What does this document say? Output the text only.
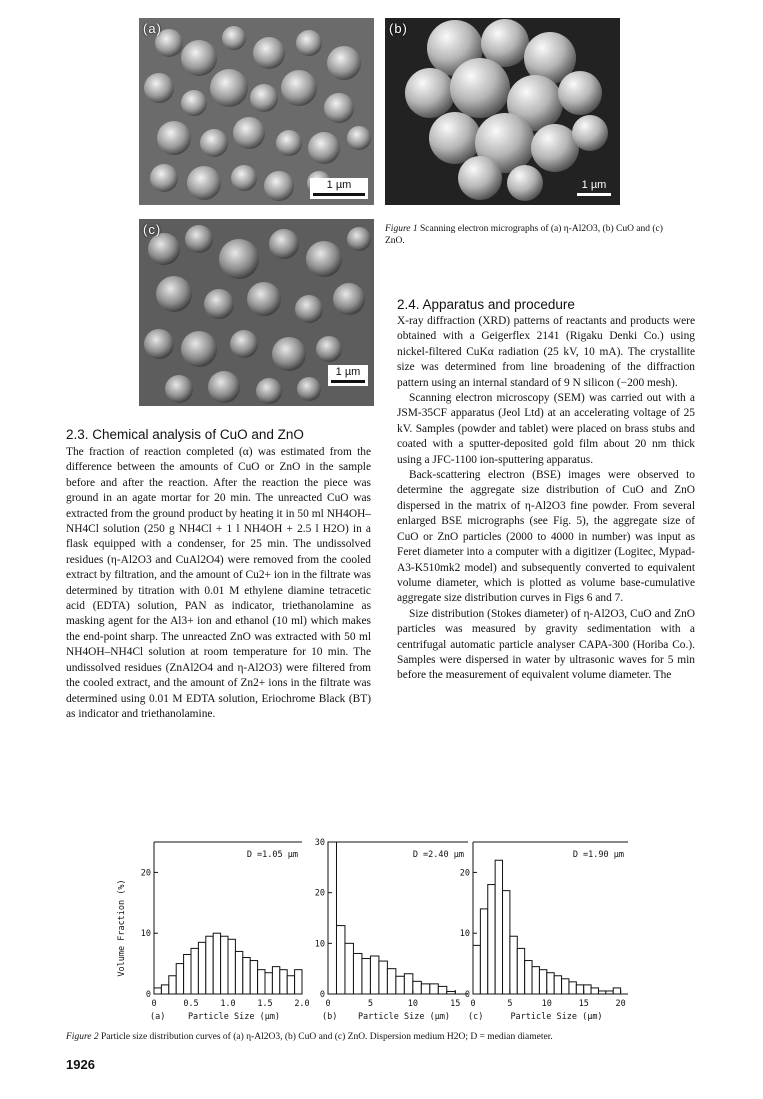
(a)
1 µm
(b)
1 µm
(c)
1 µm
Figure 1 Scanning electron micrographs of (a) η-Al2O3, (b) CuO and (c) ZnO.
2.3. Chemical analysis of CuO and ZnO

The fraction of reaction completed (α) was estimated from the difference between the amounts of CuO or ZnO in the sample before and after the reaction. After the reaction the piece was ground in an agate mortar for 20 min. The unreacted CuO was extracted from the ground product by heating it in 50 ml NH4OH–NH4Cl solution (250 g NH4Cl + 1 l NH4OH + 2.5 l H2O) in a flask equipped with a condenser, for 25 min. The undissolved residues (η-Al2O3 and CuAl2O4) were removed from the cooled extract by filtration, and the amount of Cu2+ ion in the filtrate was determined by titration with 0.01 M ethylene diamine tetracetic acid (EDTA) solution, PAN as indicator, triethanolamine as masking agent for the Al3+ ion and ethanol (10 ml) which makes the end-point sharp. The unreacted ZnO was extracted with 50 ml NH4OH–NH4Cl solution at room temperature for 10 min. The undissolved residues (ZnAl2O4 and η-Al2O3) were filtered from the cooled extract, and the amount of Zn2+ ions in the filtrate was determined using 0.01 M EDTA solution, Eriochrome Black (BT) as indicator and triethanolamine.

2.4. Apparatus and procedure

X-ray diffraction (XRD) patterns of reactants and products were obtained with a Geigerflex 2141 (Rigaku Denki Co.) using nickel-filtered CuKα radiation (25 kV, 10 mA). The crystallite size was determined from line broadening of the diffraction pattern using an internal standard of 9 N silicon (−200 mesh).

Scanning electron microscopy (SEM) was carried out with a JSM-35CF apparatus (Jeol Ltd) at an accelerating voltage of 25 kV. Samples (powder and tablet) were placed on brass stubs and coated with a sputter-deposited gold film about 20 nm thick using a JFC-1100 ion-sputtering apparatus.

Back-scattering electron (BSE) images were observed to determine the aggregate size distribution of CuO and ZnO dispersed in the matrix of η-Al2O3 fine powder. From several enlarged BSE micrographs (see Fig. 5), the aggregate size of CuO or ZnO particles (2000 to 4000 in number) was input as Feret diameter into a computer with a digitizer (Logitec, Mypad-A3-K510mk2 model) and subsequently converted to equivalent volume diameter, which is plotted as volume base-cumulative aggregate size distribution curves in Figs 6 and 7.

Size distribution (Stokes diameter) of η-Al2O3, CuO and ZnO particles was measured by gravity sedimentation with a centrifugal automatic particle analyser CAPA-300 (Horiba Co.). Samples were dispersed in water by ultrasonic waves for 5 min before the measurement of equivalent volume diameter. The

0	0.5	1.0	1.5	2.0
0
10
20
D =1.05 µm
(a)	Particle Size (µm)
Volume Fraction (%)
0	5	10	15
0
10
20
30
D =2.40 µm
(b) Particle Size (µm)
0	5	10	15	20
0
10
20
D =1.90 µm
(c)	Particle Size (µm)
Figure 2 Particle size distribution curves of (a) η-Al2O3, (b) CuO and (c) ZnO. Dispersion medium H2O; D = median diameter.
1926
